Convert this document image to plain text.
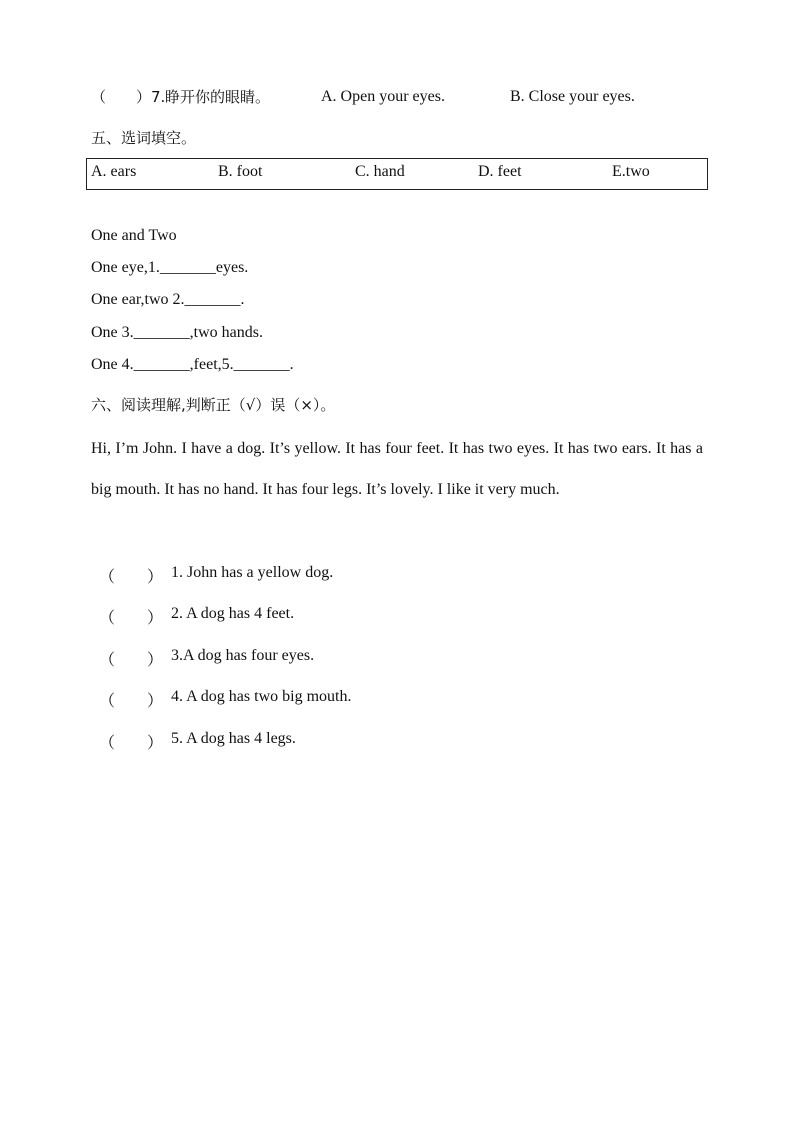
（　　）7. 睁开你的眼睛。	A. Open your eyes.	B. Close your eyes.
五、选词填空。
A. ears	B. foot	C. hand	D. feet	E.two
One and Two
One eye,1._______eyes.
One ear,two 2._______.
One 3._______,two hands.
One 4._______,feet,5._______.
六、阅读理解,判断正（√）误（×）。
Hi, I’m John. I have a dog. It’s yellow. It has four feet. It has two eyes. It has two ears. It has a big mouth. It has no hand. It has four legs. It’s lovely. I like it very much.
（　　） 1. John has a yellow dog.
（　　） 2. A dog has 4 feet.
（　　） 3.A dog has four eyes.
（　　） 4. A dog has two big mouth.
（　　） 5. A dog has 4 legs.
